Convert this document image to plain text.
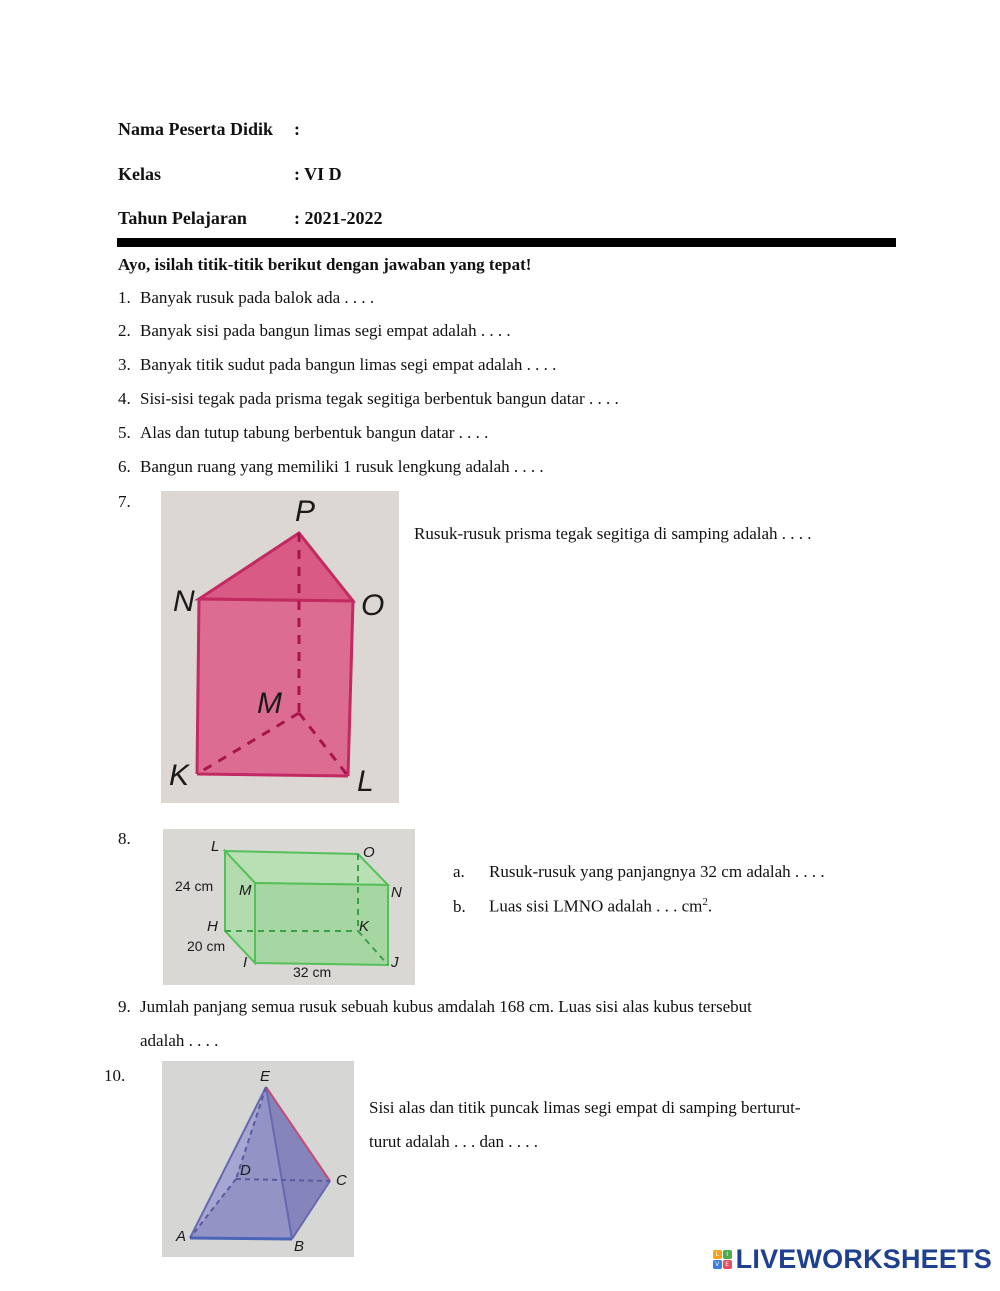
Nama Peserta Didik :
Kelas	: VI D
Tahun Pelajaran	: 2021-2022
Ayo, isilah titik-titik berikut dengan jawaban yang tepat!
1. Banyak rusuk pada balok ada . . . .
2. Banyak sisi pada bangun limas segi empat adalah . . . .
3. Banyak titik sudut pada bangun limas segi empat adalah . . . .
4. Sisi-sisi tegak pada prisma tegak segitiga berbentuk bangun datar . . . .
5. Alas dan tutup tabung berbentuk bangun datar . . . .
6. Bangun ruang yang memiliki 1 rusuk lengkung adalah . . . .
7.	P
N	O
M
K	L
Rusuk-rusuk prisma tegak segitiga di samping adalah . . . .
8.	L	O
M	N
H	K
I	J
24 cm
20 cm
32 cm
a. Rusuk-rusuk yang panjangnya 32 cm adalah . . . .
b. Luas sisi LMNO adalah . . . $cm^2$.
9. Jumlah panjang semua rusuk sebuah kubus amdalah 168 cm. Luas sisi alas kubus tersebut
adalah . . . .
10.	E
D
C
A
B
Sisi alas dan titik puncak limas segi empat di samping berturut-
turut adalah . . . dan . . . .
L	I
V	E LIVEWORKSHEETS
